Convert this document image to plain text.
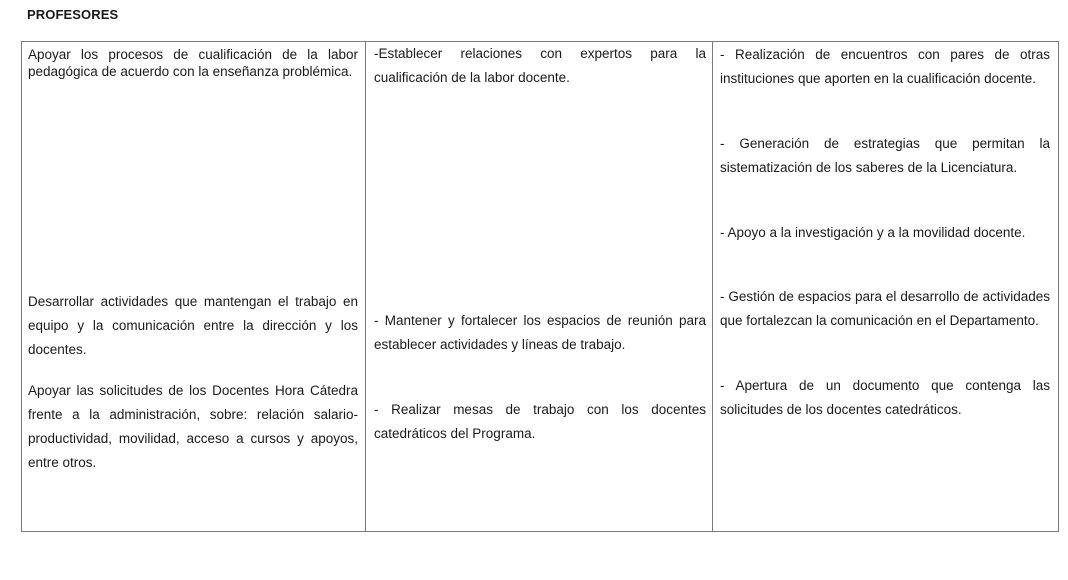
PROFESORES
Apoyar los procesos de cualificación de la labor pedagógica de acuerdo con la enseñanza problémica.
Desarrollar actividades que mantengan el trabajo en equipo y la comunicación entre la dirección y los docentes.
Apoyar las solicitudes de los Docentes Hora Cátedra frente a la administración, sobre: relación salario-productividad, movilidad, acceso a cursos y apoyos, entre otros.
-Establecer relaciones con expertos para la cualificación de la labor docente.
- Mantener y fortalecer los espacios de reunión para establecer actividades y líneas de trabajo.
- Realizar mesas de trabajo con los docentes catedráticos del Programa.
- Realización de encuentros con pares de otras instituciones que aporten en la cualificación docente.
- Generación de estrategias que permitan la sistematización de los saberes de la Licenciatura.
- Apoyo a la investigación y a la movilidad docente.
- Gestión de espacios para el desarrollo de actividades que fortalezcan la comunicación en el Departamento.
- Apertura de un documento que contenga las solicitudes de los docentes catedráticos.
